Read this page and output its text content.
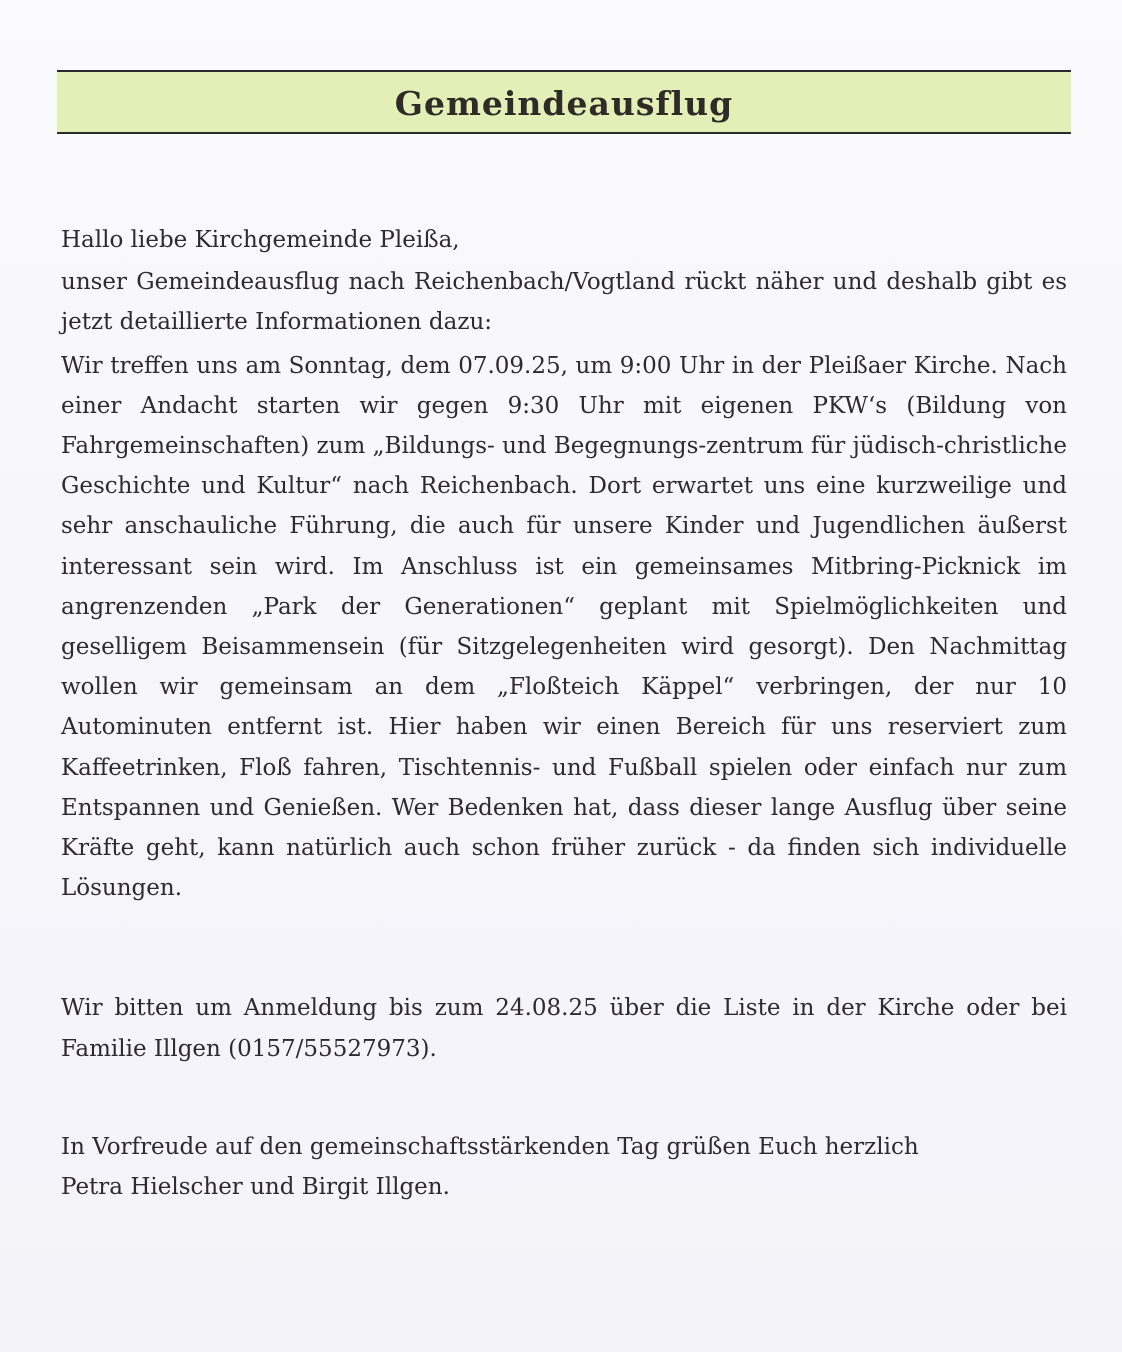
Gemeindeausflug

Hallo liebe Kirchgemeinde Pleißa,

unser Gemeindeausflug nach Reichenbach/Vogtland rückt näher und deshalb gibt es jetzt detaillierte Informationen dazu:

Wir treffen uns am Sonntag, dem 07.09.25, um 9:00 Uhr in der Pleißaer Kirche. Nach einer Andacht starten wir gegen 9:30 Uhr mit eigenen PKW‘s (Bildung von Fahrgemeinschaften) zum „Bildungs- und Begegnungs-zentrum für jüdisch-christliche Geschichte und Kultur“ nach Reichenbach. Dort erwartet uns eine kurzweilige und sehr anschauliche Führung, die auch für unsere Kinder und Jugendlichen äußerst interessant sein wird. Im Anschluss ist ein gemeinsames Mitbring-Picknick im angrenzenden „Park der Generationen“ geplant mit Spielmöglichkeiten und geselligem Beisammensein (für Sitzgelegenheiten wird gesorgt). Den Nachmittag wollen wir gemeinsam an dem „Floßteich Käppel“ verbringen, der nur 10 Autominuten entfernt ist. Hier haben wir einen Bereich für uns reserviert zum Kaffeetrinken, Floß fahren, Tischtennis- und Fußball spielen oder einfach nur zum Entspannen und Genießen. Wer Bedenken hat, dass dieser lange Ausflug über seine Kräfte geht, kann natürlich auch schon früher zurück - da finden sich individuelle Lösungen.

Wir bitten um Anmeldung bis zum 24.08.25 über die Liste in der Kirche oder bei Familie Illgen (0157/55527973).

In Vorfreude auf den gemeinschaftsstärkenden Tag grüßen Euch herzlich
Petra Hielscher und Birgit Illgen.
